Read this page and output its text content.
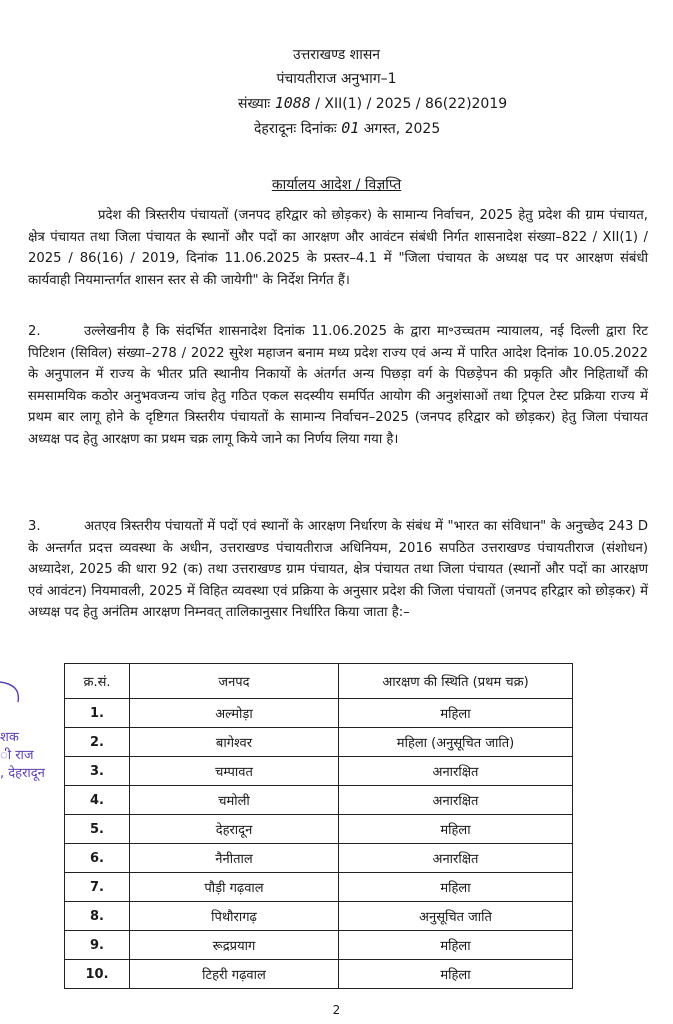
उत्तराखण्ड शासन
पंचायतीराज अनुभाग–1
संख्याः 1088 / XII(1) / 2025 / 86(22)2019
देहरादूनः दिनांकः 01 अगस्त, 2025
कार्यालय आदेश / विज्ञप्ति

प्रदेश की त्रिस्तरीय पंचायतों (जनपद हरिद्वार को छोड़कर) के सामान्य निर्वाचन, 2025 हेतु प्रदेश की ग्राम पंचायत, क्षेत्र पंचायत तथा जिला पंचायत के स्थानों और पदों का आरक्षण और आवंटन संबंधी निर्गत शासनादेश संख्या–822 / XII(1) / 2025 / 86(16) / 2019, दिनांक 11.06.2025 के प्रस्तर–4.1 में "जिला पंचायत के अध्यक्ष पद पर आरक्षण संबंधी कार्यवाही नियमान्तर्गत शासन स्तर से की जायेगी" के निर्देश निर्गत हैं।

2.	उल्लेखनीय है कि संदर्भित शासनादेश दिनांक 11.06.2025 के द्वारा मा॰उच्चतम न्यायालय, नई दिल्ली द्वारा रिट पिटिशन (सिविल) संख्या–278 / 2022 सुरेश महाजन बनाम मध्य प्रदेश राज्य एवं अन्य में पारित आदेश दिनांक 10.05.2022 के अनुपालन में राज्य के भीतर प्रति स्थानीय निकायों के अंतर्गत अन्य पिछड़ा वर्ग के पिछड़ेपन की प्रकृति और निहितार्थों की समसामयिक कठोर अनुभवजन्य जांच हेतु गठित एकल सदस्यीय समर्पित आयोग की अनुशंसाओं तथा ट्रिपल टेस्ट प्रक्रिया राज्य में प्रथम बार लागू होने के दृष्टिगत त्रिस्तरीय पंचायतों के सामान्य निर्वाचन–2025 (जनपद हरिद्वार को छोड़कर) हेतु जिला पंचायत अध्यक्ष पद हेतु आरक्षण का प्रथम चक्र लागू किये जाने का निर्णय लिया गया है।

3.	अतएव त्रिस्तरीय पंचायतों में पदों एवं स्थानों के आरक्षण निर्धारण के संबंध में "भारत का संविधान" के अनुच्छेद 243 D के अन्तर्गत प्रदत्त व्यवस्था के अधीन, उत्तराखण्ड पंचायतीराज अधिनियम, 2016 सपठित उत्तराखण्ड पंचायतीराज (संशोधन) अध्यादेश, 2025 की धारा 92 (क) तथा उत्तराखण्ड ग्राम पंचायत, क्षेत्र पंचायत तथा जिला पंचायत (स्थानों और पदों का आरक्षण एवं आवंटन) नियमावली, 2025 में विहित व्यवस्था एवं प्रक्रिया के अनुसार प्रदेश की जिला पंचायतों (जनपद हरिद्वार को छोड़कर) में अध्यक्ष पद हेतु अनंतिम आरक्षण निम्नवत् तालिकानुसार निर्धारित किया जाता है:–

शक
ी राज
, देहरादून
क्र.सं.	जनपद	आरक्षण की स्थिति (प्रथम चक्र)
1.	अल्मोड़ा	महिला
2.	बागेश्वर	महिला (अनुसूचित जाति)
3.	चम्पावत	अनारक्षित
4.	चमोली	अनारक्षित
5.	देहरादून	महिला
6.	नैनीताल	अनारक्षित
7.	पौड़ी गढ़वाल	महिला
8.	पिथौरागढ़	अनुसूचित जाति
9.	रूद्रप्रयाग	महिला
10.	टिहरी गढ़वाल	महिला
2
